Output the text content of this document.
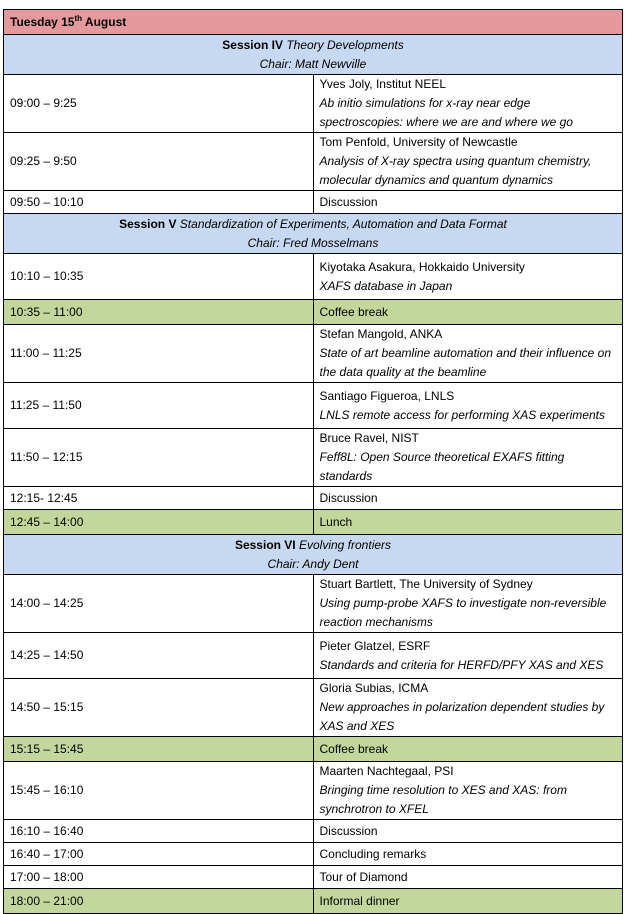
Tuesday 15th August	

Session IV Theory Developments
Chair: Matt Newville	

09:00 – 9:25	Yves Joly, Institut NEEL
Ab initio simulations for x-ray near edge spectroscopies: where we are and where we go

09:25 – 9:50	Tom Penfold, University of Newcastle
Analysis of X-ray spectra using quantum chemistry, molecular dynamics and quantum dynamics

09:50 – 10:10	Discussion

Session V Standardization of Experiments, Automation and Data Format
Chair: Fred Mosselmans	

10:10 – 10:35	Kiyotaka Asakura, Hokkaido University
XAFS database in Japan

10:35 – 11:00	Coffee break
11:00 – 11:25	Stefan Mangold, ANKA
State of art beamline automation and their influence on the data quality at the beamline

11:25 – 11:50	Santiago Figueroa, LNLS
LNLS remote access for performing XAS experiments

11:50 – 12:15	Bruce Ravel, NIST
Feff8L: Open Source theoretical EXAFS fitting standards

12:15- 12:45	Discussion
12:45 – 14:00	Lunch

Session VI Evolving frontiers
Chair: Andy Dent	

14:00 – 14:25	Stuart Bartlett, The University of Sydney
Using pump-probe XAFS to investigate non-reversible reaction mechanisms

14:25 – 14:50	Pieter Glatzel, ESRF
Standards and criteria for HERFD/PFY XAS and XES

14:50 – 15:15	Gloria Subias, ICMA
New approaches in polarization dependent studies by XAS and XES

15:15 – 15:45	Coffee break
15:45 – 16:10	Maarten Nachtegaal, PSI
Bringing time resolution to XES and XAS: from synchrotron to XFEL

16:10 – 16:40	Discussion
16:40 – 17:00	Concluding remarks
17:00 – 18:00	Tour of Diamond
18:00 – 21:00	Informal dinner
